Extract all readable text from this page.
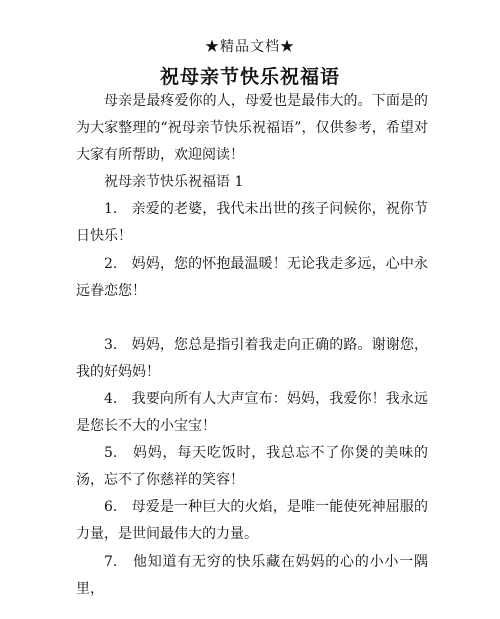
★精品文档★
祝母亲节快乐祝福语

母亲是最疼爱你的人，母爱也是最伟大的。下面是的为大家整理的“祝母亲节快乐祝福语”，仅供参考，希望对大家有所帮助，欢迎阅读！

祝母亲节快乐祝福语 1

1.　亲爱的老婆，我代未出世的孩子问候你，祝你节日快乐！

2.　妈妈，您的怀抱最温暖！无论我走多远，心中永远眷恋您！

3.　妈妈，您总是指引着我走向正确的路。谢谢您，我的好妈妈！

4.　我要向所有人大声宣布：妈妈，我爱你！我永远是您长不大的小宝宝！

5.　妈妈，每天吃饭时，我总忘不了你煲的美味的汤，忘不了你慈祥的笑容！

6.　母爱是一种巨大的火焰，是唯一能使死神屈服的力量，是世间最伟大的力量。

7.　他知道有无穷的快乐藏在妈妈的心的小小一隅里，
